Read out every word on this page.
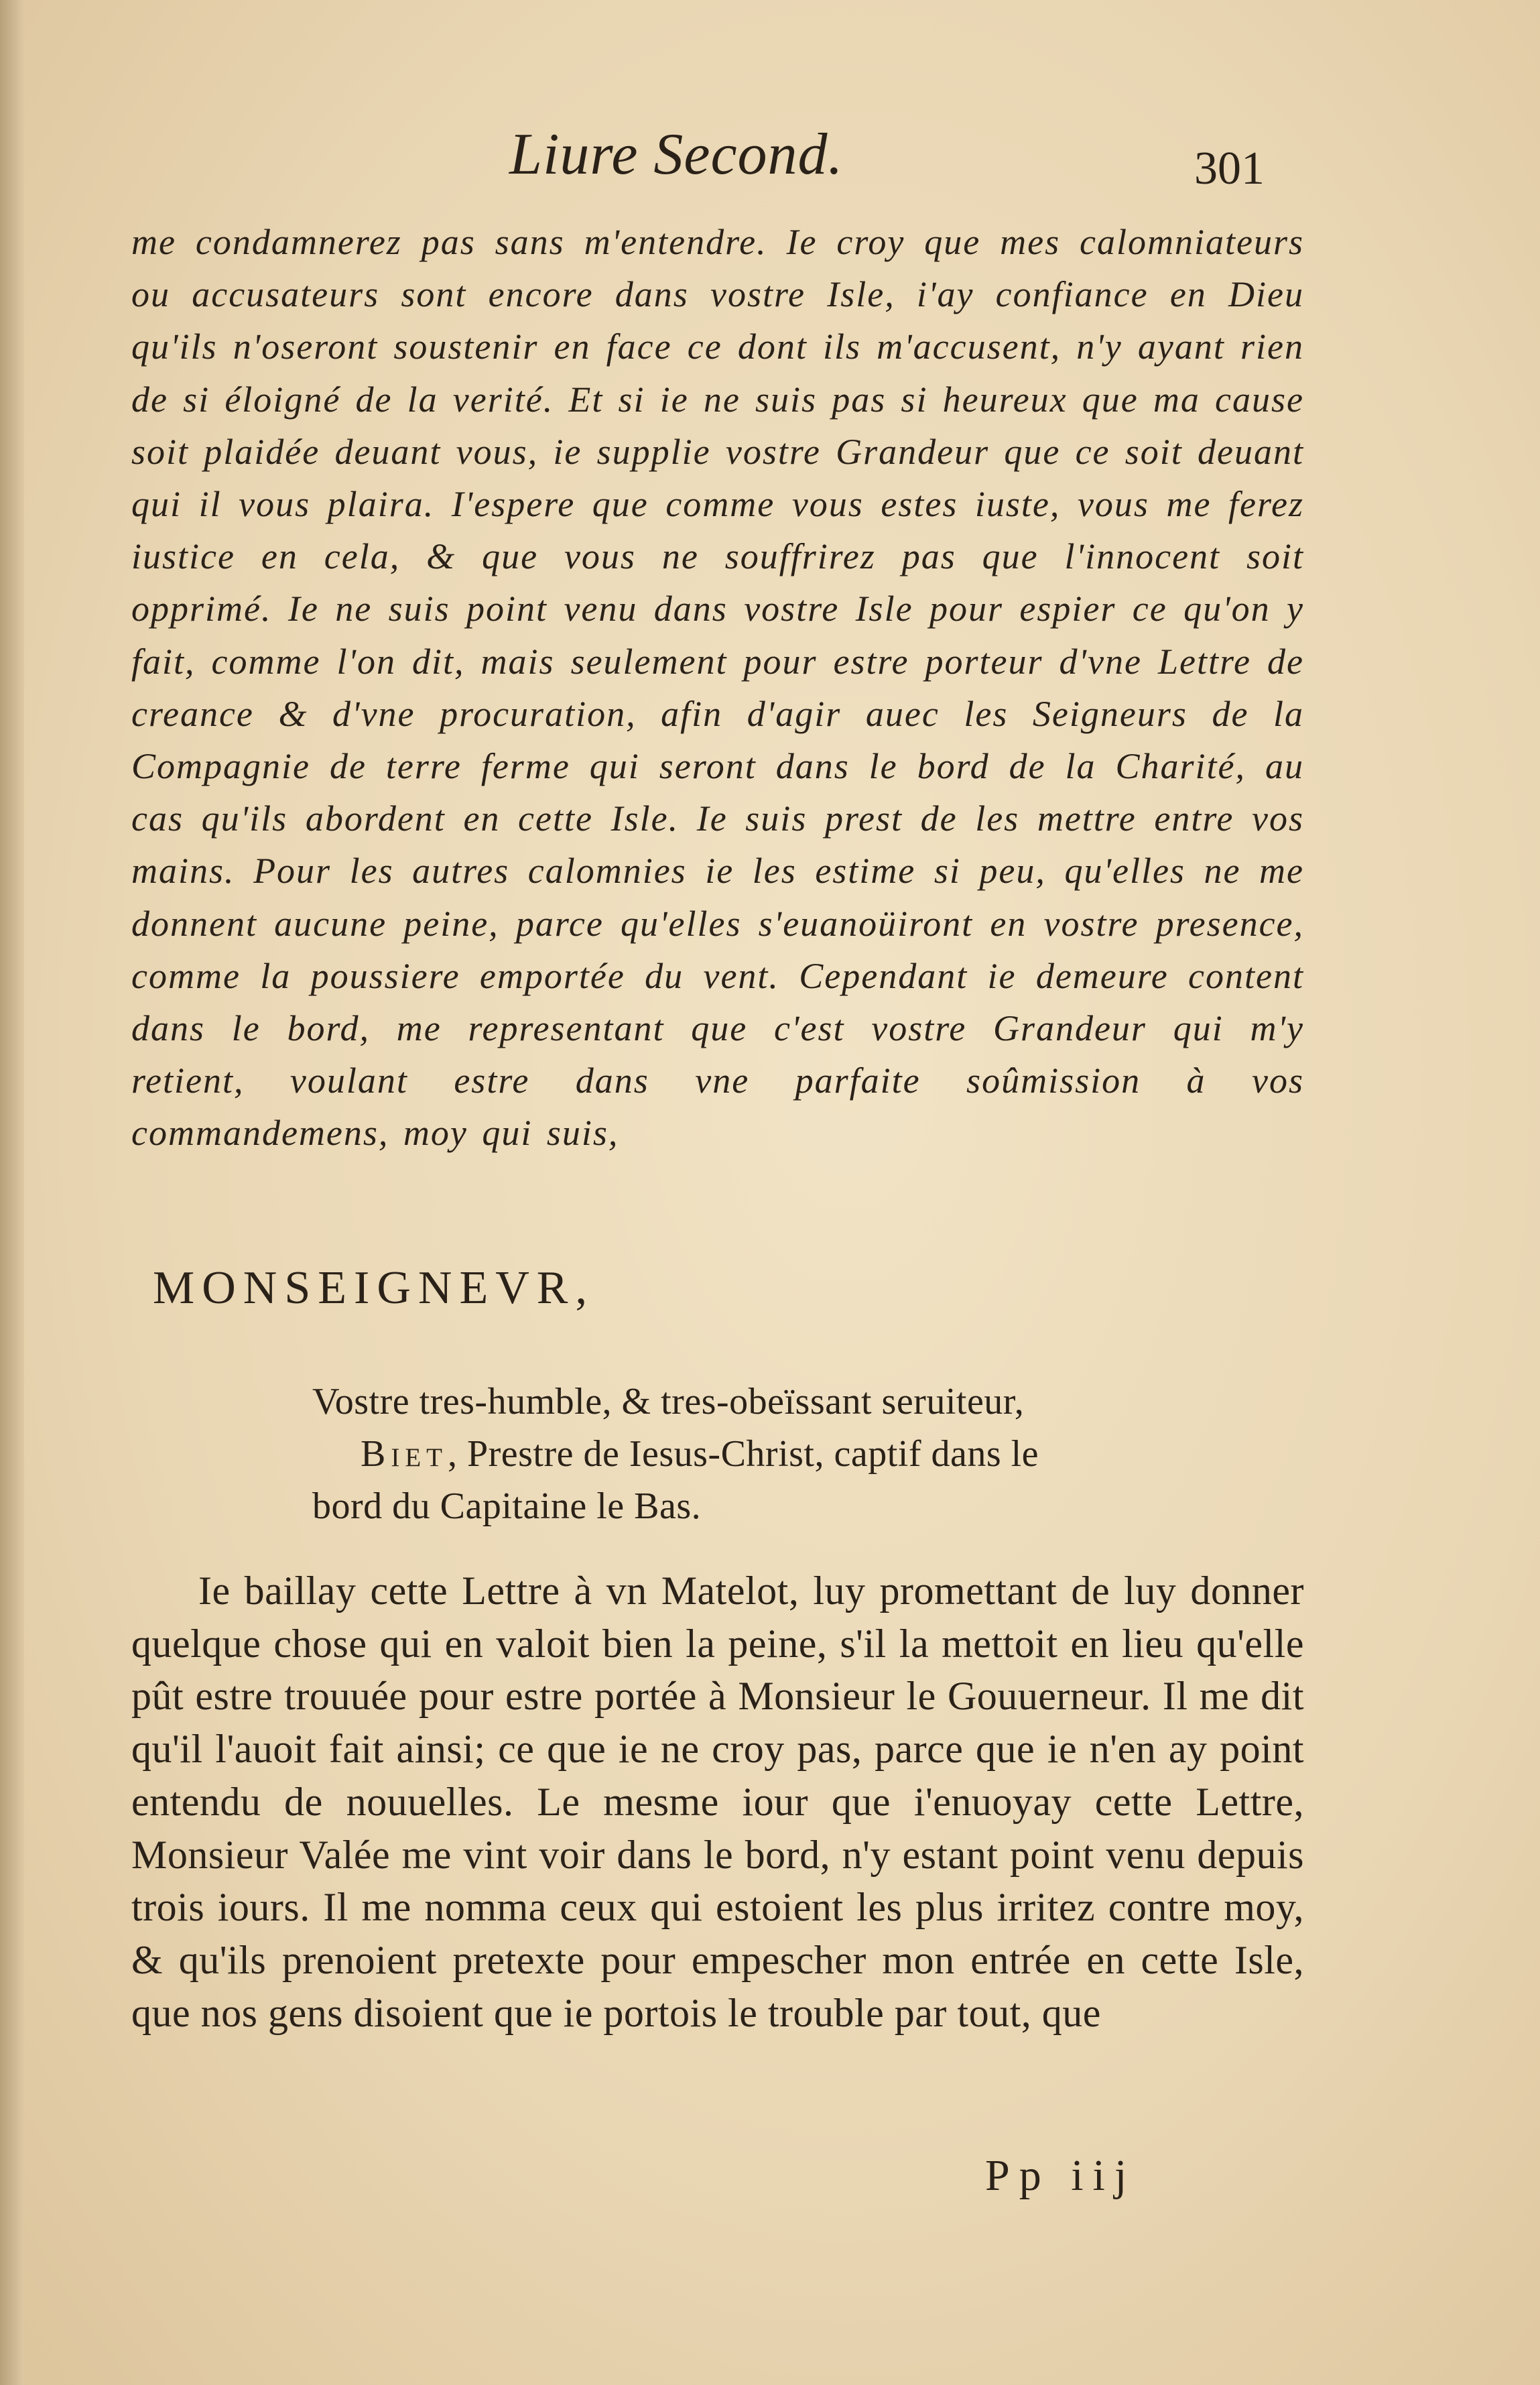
Liure Second.	301
me condamnerez pas sans m'entendre. Ie croy que mes calomniateurs ou accusateurs sont encore dans vostre Isle, i'ay confiance en Dieu qu'ils n'oseront soustenir en face ce dont ils m'accusent, n'y ayant rien de si éloigné de la verité. Et si ie ne suis pas si heureux que ma cause soit plaidée deuant vous, ie supplie vostre Grandeur que ce soit deuant qui il vous plaira. I'espere que comme vous estes iuste, vous me ferez iustice en cela, & que vous ne souffrirez pas que l'innocent soit opprimé. Ie ne suis point venu dans vostre Isle pour espier ce qu'on y fait, comme l'on dit, mais seulement pour estre porteur d'vne Lettre de creance & d'vne procuration, afin d'agir auec les Seigneurs de la Compagnie de terre ferme qui seront dans le bord de la Charité, au cas qu'ils abordent en cette Isle. Ie suis prest de les mettre entre vos mains. Pour les autres calomnies ie les estime si peu, qu'elles ne me donnent aucune peine, parce qu'elles s'euanoüiront en vostre presence, comme la poussiere emportée du vent. Cependant ie demeure content dans le bord, me representant que c'est vostre Grandeur qui m'y retient, voulant estre dans vne parfaite soûmission à vos commandemens, moy qui suis,
MONSEIGNEVR,
Vostre tres-humble, & tres-obeïssant seruiteur,
Biet, Prestre de Iesus-Christ, captif dans le
bord du Capitaine le Bas.
Ie baillay cette Lettre à vn Matelot, luy promettant de luy donner quelque chose qui en valoit bien la peine, s'il la mettoit en lieu qu'elle pût estre trouuée pour estre portée à Monsieur le Gouuerneur. Il me dit qu'il l'auoit fait ainsi; ce que ie ne croy pas, parce que ie n'en ay point entendu de nouuelles. Le mesme iour que i'enuoyay cette Lettre, Monsieur Valée me vint voir dans le bord, n'y estant point venu depuis trois iours. Il me nomma ceux qui estoient les plus irritez contre moy, & qu'ils prenoient pretexte pour empescher mon entrée en cette Isle, que nos gens disoient que ie portois le trouble par tout, que
Pp iij
